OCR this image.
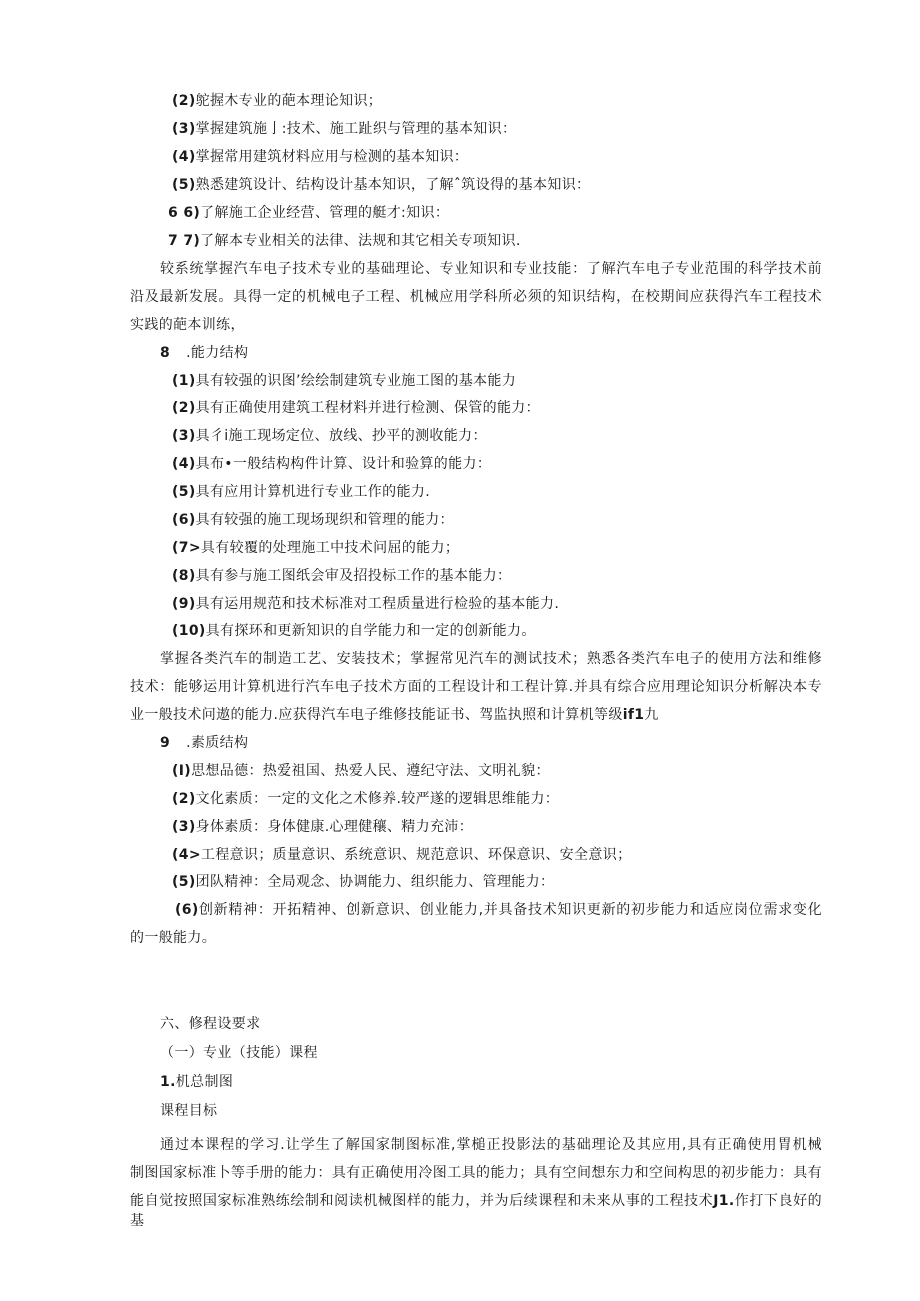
(2)鸵握木专业的葩本理论知识；
(3)掌握建筑施亅:技术、施工趾织与管理的基本知识：
(4)掌握常用建筑材料应用与检测的基本知识：
(5)熟悉建筑设计、结构设计基本知识，了解ˆ筑设得的基本知识：
6 6)了解施工企业经营、管理的艇才:知识：
7 7)了解本专业相关的法律、法规和其它相关专项知识.
较系统掌握汽车电子技术专业的基础理论、专业知识和专业技能：了解汽车电子专业范围的科学技术前
沿及最新发展。具得一定的机械电子工程、机械应用学科所必须的知识结构，在校期间应获得汽车工程技术
实践的葩本训练，
8 .能力结构
(1)具有较强的识图’绘绘制建筑专业施工图的基本能力
(2)具有正确使用建筑工程材料并进行检测、保管的能力：
(3)具彳i施工现场定位、放线、抄平的测收能力：
(4)具布•一般结构构件计算、设计和验算的能力：
(5)具有应用计算机进行专业工作的能力.
(6)具有较强的施工现场现织和管理的能力：
(7>具有较覆的处理施工中技术问屈的能力；
(8)具有参与施工图纸会审及招投标工作的基本能力：
(9)具有运用规范和技术标准对工程质量进行检验的基本能力.
(10)具有探环和更新知识的自学能力和一定的创新能力。
掌握各类汽车的制造工艺、安装技术；掌握常见汽车的测试技术；熟悉各类汽车电子的使用方法和维修
技术：能够运用计算机进行汽车电子技术方面的工程设计和工程计算.并具有综合应用理论知识分析解决本专
业一般技术问遨的能力.应获得汽车电子维修技能证书、驾监执照和计算机等级if1九
9 .素质结构
(I)思想品德：热爱祖国、热爱人民、遵纪守法、文明礼貌：
(2)文化素质：一定的文化之术修养.较严遂的逻辑思维能力：
(3)身体素质：身体健康.心理健穰、精力充沛：
(4>工程意识；质量意识、系统意识、规范意识、环保意识、安全意识；
(5)团队精神：全局观念、协调能力、组织能力、管理能力：
(6)创新精神：开拓精神、创新意识、创业能力,并具备技术知识更新的初步能力和适应岗位需求变化
的一般能力。
六、修程设要求
（一）专业（技能）课程
1.机总制图
课程目标
通过本课程的学习.让学生了解国家制图标准,掌槌正投影法的基础理论及其应用,具有正确使用胃机械
制图国家标准卜等手册的能力：具有正确使用冷图工具的能力；具有空间想东力和空间构思的初步能力：具有
能自觉按照国家标准熟练绘制和阅读机械图样的能力，并为后续课程和未来从事的工程技术J1.作打下良好的基
